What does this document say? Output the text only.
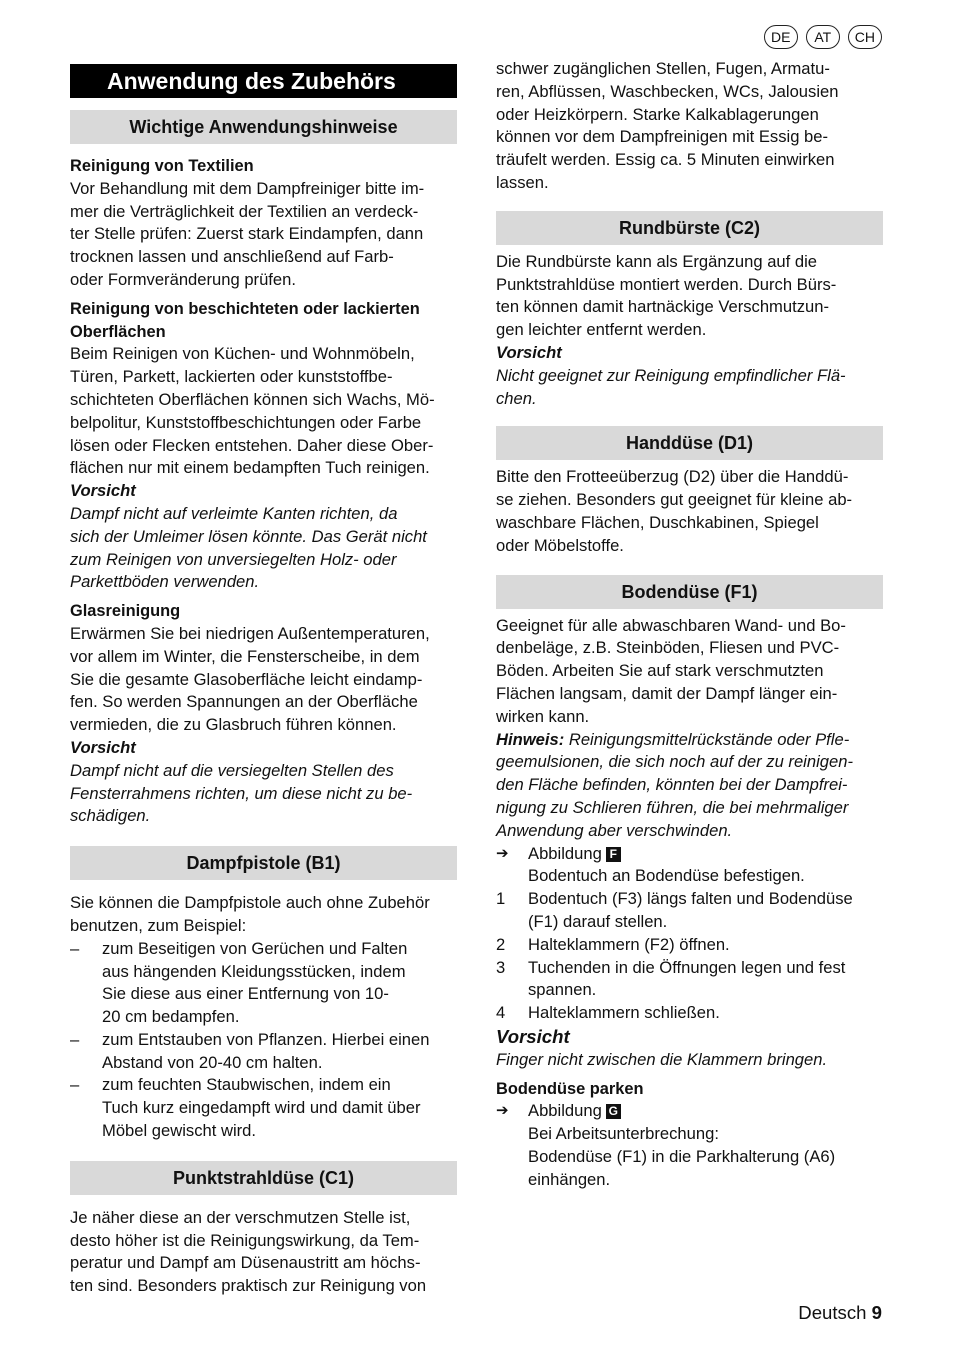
DE	AT	CH
Anwendung des Zubehörs
Wichtige Anwendungshinweise
Reinigung von Textilien
Vor Behandlung mit dem Dampfreiniger bitte im-
mer die Verträglichkeit der Textilien an verdeck-
ter Stelle prüfen: Zuerst stark Eindampfen, dann
trocknen lassen und anschließend auf Farb-
oder Formveränderung prüfen.
Reinigung von beschichteten oder lackierten
Oberflächen
Beim Reinigen von Küchen- und Wohnmöbeln,
Türen, Parkett, lackierten oder kunststoffbe-
schichteten Oberflächen können sich Wachs, Mö-
belpolitur, Kunststoffbeschichtungen oder Farbe
lösen oder Flecken entstehen. Daher diese Ober-
flächen nur mit einem bedampften Tuch reinigen.
Vorsicht
Dampf nicht auf verleimte Kanten richten, da
sich der Umleimer lösen könnte. Das Gerät nicht
zum Reinigen von unversiegelten Holz- oder
Parkettböden verwenden.
Glasreinigung
Erwärmen Sie bei niedrigen Außentemperaturen,
vor allem im Winter, die Fensterscheibe, in dem
Sie die gesamte Glasoberfläche leicht eindamp-
fen. So werden Spannungen an der Oberfläche
vermieden, die zu Glasbruch führen können.
Vorsicht
Dampf nicht auf die versiegelten Stellen des
Fensterrahmens richten, um diese nicht zu be-
schädigen.
Dampfpistole (B1)
Sie können die Dampfpistole auch ohne Zubehör
benutzen, zum Beispiel:
–	zum Beseitigen von Gerüchen und Falten
aus hängenden Kleidungsstücken, indem
Sie diese aus einer Entfernung von 10-
20 cm bedampfen.
–	zum Entstauben von Pflanzen. Hierbei einen
Abstand von 20-40 cm halten.
–	zum feuchten Staubwischen, indem ein
Tuch kurz eingedampft wird und damit über
Möbel gewischt wird.
Punktstrahldüse (C1)
Je näher diese an der verschmutzen Stelle ist,
desto höher ist die Reinigungswirkung, da Tem-
peratur und Dampf am Düsenaustritt am höchs-
ten sind. Besonders praktisch zur Reinigung von
schwer zugänglichen Stellen, Fugen, Armatu-
ren, Abflüssen, Waschbecken, WCs, Jalousien
oder Heizkörpern. Starke Kalkablagerungen
können vor dem Dampfreinigen mit Essig be-
träufelt werden. Essig ca. 5 Minuten einwirken
lassen.
Rundbürste (C2)
Die Rundbürste kann als Ergänzung auf die
Punktstrahldüse montiert werden. Durch Bürs-
ten können damit hartnäckige Verschmutzun-
gen leichter entfernt werden.
Vorsicht
Nicht geeignet zur Reinigung empfindlicher Flä-
chen.
Handdüse (D1)
Bitte den Frotteeüberzug (D2) über die Handdü-
se ziehen. Besonders gut geeignet für kleine ab-
waschbare Flächen, Duschkabinen, Spiegel
oder Möbelstoffe.
Bodendüse (F1)
Geeignet für alle abwaschbaren Wand- und Bo-
denbeläge, z.B. Steinböden, Fliesen und PVC-
Böden. Arbeiten Sie auf stark verschmutzten
Flächen langsam, damit der Dampf länger ein-
wirken kann.
Hinweis: Reinigungsmittelrückstände oder Pfle-
geemulsionen, die sich noch auf der zu reinigen-
den Fläche befinden, könnten bei der Dampfrei-
nigung zu Schlieren führen, die bei mehrmaliger
Anwendung aber verschwinden.
➔	Abbildung F
Bodentuch an Bodendüse befestigen.
1	Bodentuch (F3) längs falten und Bodendüse
(F1) darauf stellen.
2	Halteklammern (F2) öffnen.
3	Tuchenden in die Öffnungen legen und fest
spannen.
4	Halteklammern schließen.
Vorsicht
Finger nicht zwischen die Klammern bringen.
Bodendüse parken
➔	Abbildung G
Bei Arbeitsunterbrechung:
Bodendüse (F1) in die Parkhalterung (A6)
einhängen.
Deutsch 9
